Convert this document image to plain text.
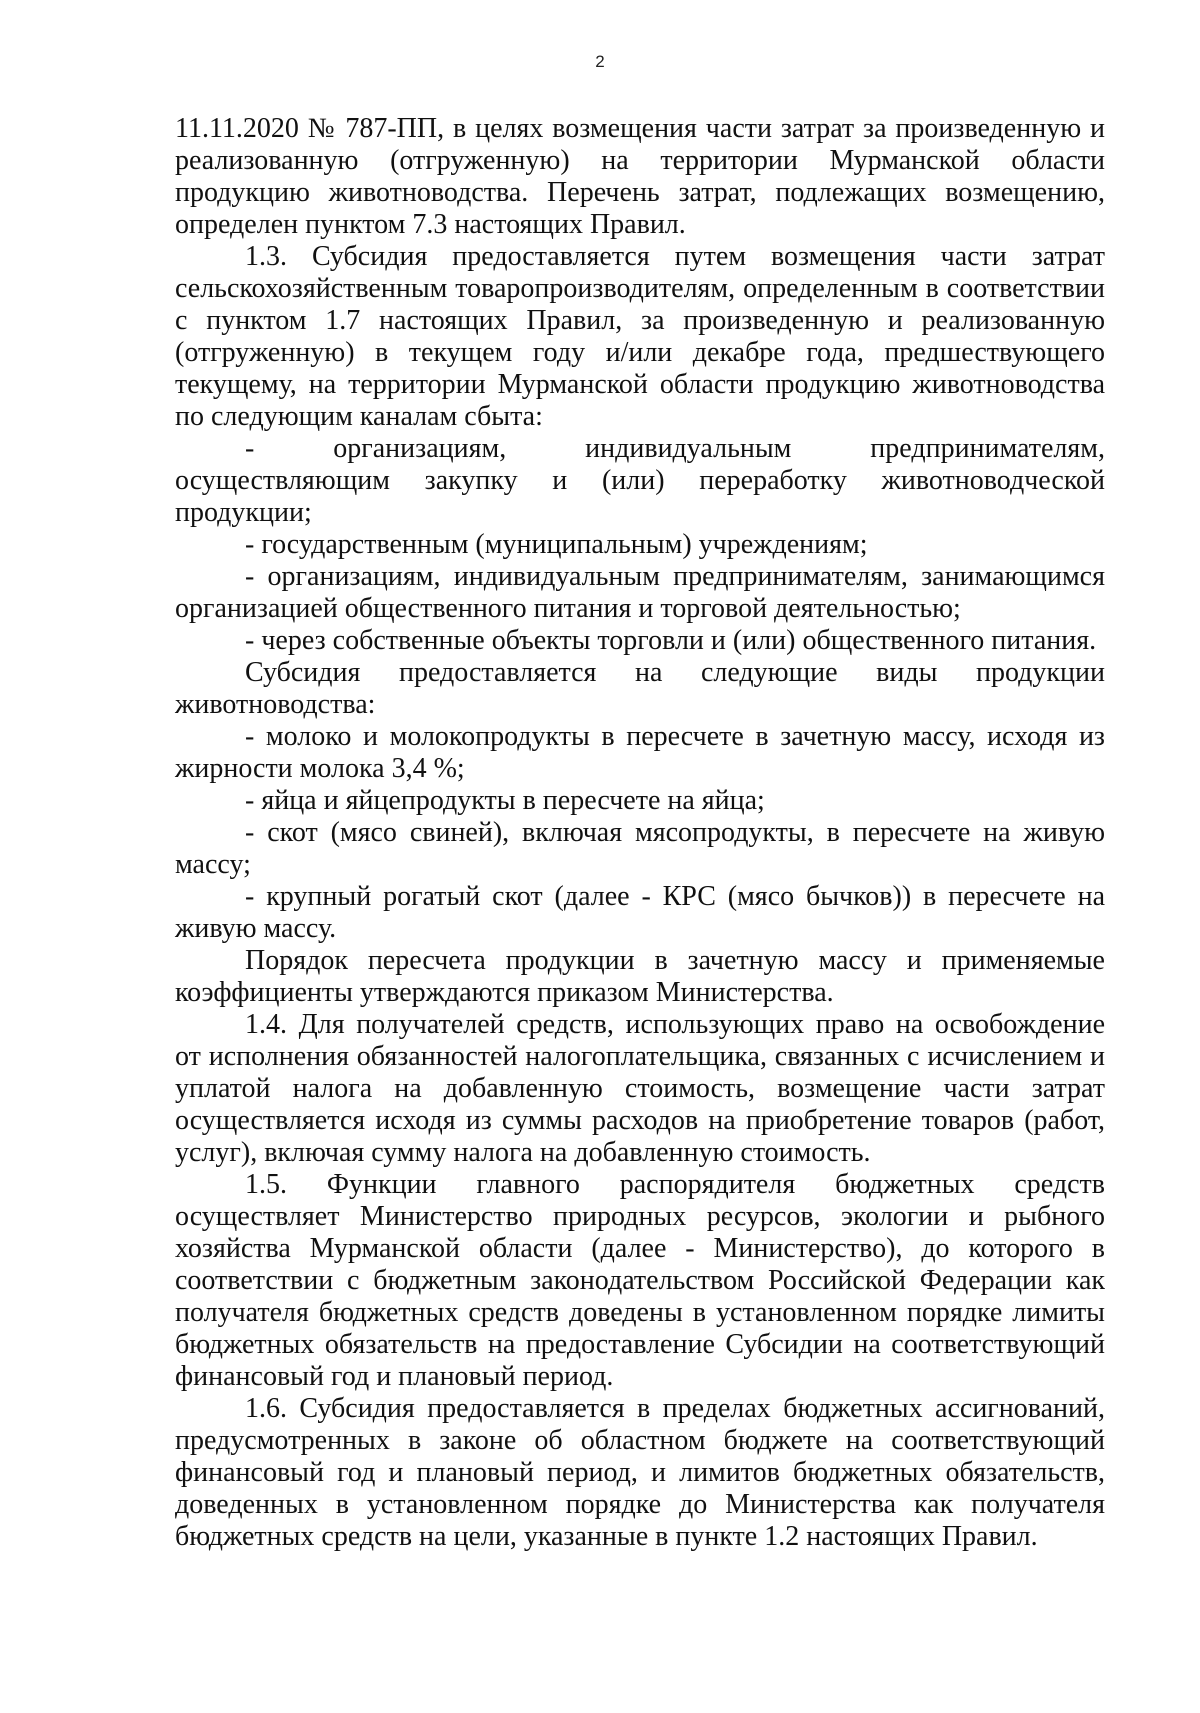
2

11.11.2020 № 787-ПП, в целях возмещения части затрат за произведенную и реализованную (отгруженную) на территории Мурманской области продукцию животноводства. Перечень затрат, подлежащих возмещению, определен пунктом 7.3 настоящих Правил.

1.3. Субсидия предоставляется путем возмещения части затрат сельскохозяйственным товаропроизводителям, определенным в соответствии с пунктом 1.7 настоящих Правил, за произведенную и реализованную (отгруженную) в текущем году и/или декабре года, предшествующего текущему, на территории Мурманской области продукцию животноводства по следующим каналам сбыта:

- организациям, индивидуальным предпринимателям, осуществляющим закупку и (или) переработку животноводческой продукции;

- государственным (муниципальным) учреждениям;

- организациям, индивидуальным предпринимателям, занимающимся организацией общественного питания и торговой деятельностью;

- через собственные объекты торговли и (или) общественного питания.

Субсидия предоставляется на следующие виды продукции животноводства:

- молоко и молокопродукты в пересчете в зачетную массу, исходя из жирности молока 3,4 %;

- яйца и яйцепродукты в пересчете на яйца;

- скот (мясо свиней), включая мясопродукты, в пересчете на живую массу;

- крупный рогатый скот (далее - КРС (мясо бычков)) в пересчете на живую массу.

Порядок пересчета продукции в зачетную массу и применяемые коэффициенты утверждаются приказом Министерства.

1.4. Для получателей средств, использующих право на освобождение от исполнения обязанностей налогоплательщика, связанных с исчислением и уплатой налога на добавленную стоимость, возмещение части затрат осуществляется исходя из суммы расходов на приобретение товаров (работ, услуг), включая сумму налога на добавленную стоимость.

1.5. Функции главного распорядителя бюджетных средств осуществляет Министерство природных ресурсов, экологии и рыбного хозяйства Мурманской области (далее - Министерство), до которого в соответствии с бюджетным законодательством Российской Федерации как получателя бюджетных средств доведены в установленном порядке лимиты бюджетных обязательств на предоставление Субсидии на соответствующий финансовый год и плановый период.

1.6. Субсидия предоставляется в пределах бюджетных ассигнований, предусмотренных в законе об областном бюджете на соответствующий финансовый год и плановый период, и лимитов бюджетных обязательств, доведенных в установленном порядке до Министерства как получателя бюджетных средств на цели, указанные в пункте 1.2 настоящих Правил.
